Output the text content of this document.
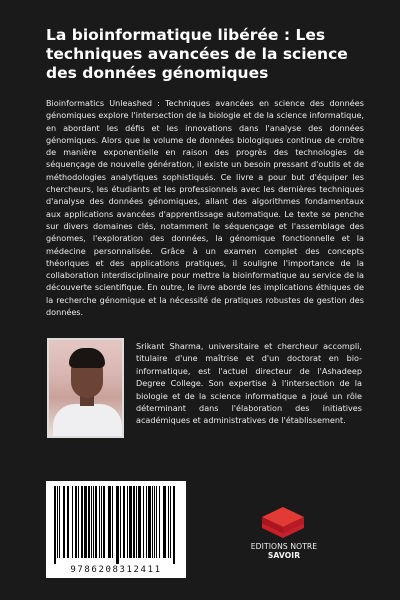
La bioinformatique libérée : Les techniques avancées de la science des données génomiques

Bioinformatics Unleashed : Techniques avancées en science des données génomiques explore l'intersection de la biologie et de la science informatique, en abordant les défis et les innovations dans l'analyse des données génomiques. Alors que le volume de données biologiques continue de croître de manière exponentielle en raison des progrès des technologies de séquençage de nouvelle génération, il existe un besoin pressant d'outils et de méthodologies analytiques sophistiqués. Ce livre a pour but d'équiper les chercheurs, les étudiants et les professionnels avec les dernières techniques d'analyse des données génomiques, allant des algorithmes fondamentaux aux applications avancées d'apprentissage automatique. Le texte se penche sur divers domaines clés, notamment le séquençage et l'assemblage des génomes, l'exploration des données, la génomique fonctionnelle et la médecine personnalisée. Grâce à un examen complet des concepts théoriques et des applications pratiques, il souligne l'importance de la collaboration interdisciplinaire pour mettre la bioinformatique au service de la découverte scientifique. En outre, le livre aborde les implications éthiques de la recherche génomique et la nécessité de pratiques robustes de gestion des données.

Srikant Sharma, universitaire et chercheur accompli, titulaire d'une maîtrise et d'un doctorat en bio-informatique, est l'actuel directeur de l'Ashadeep Degree College. Son expertise à l'intersection de la biologie et de la science informatique a joué un rôle déterminant dans l'élaboration des initiatives académiques et administratives de l'établissement.

9786208312411
EDITIONS NOTRE SAVOIR
